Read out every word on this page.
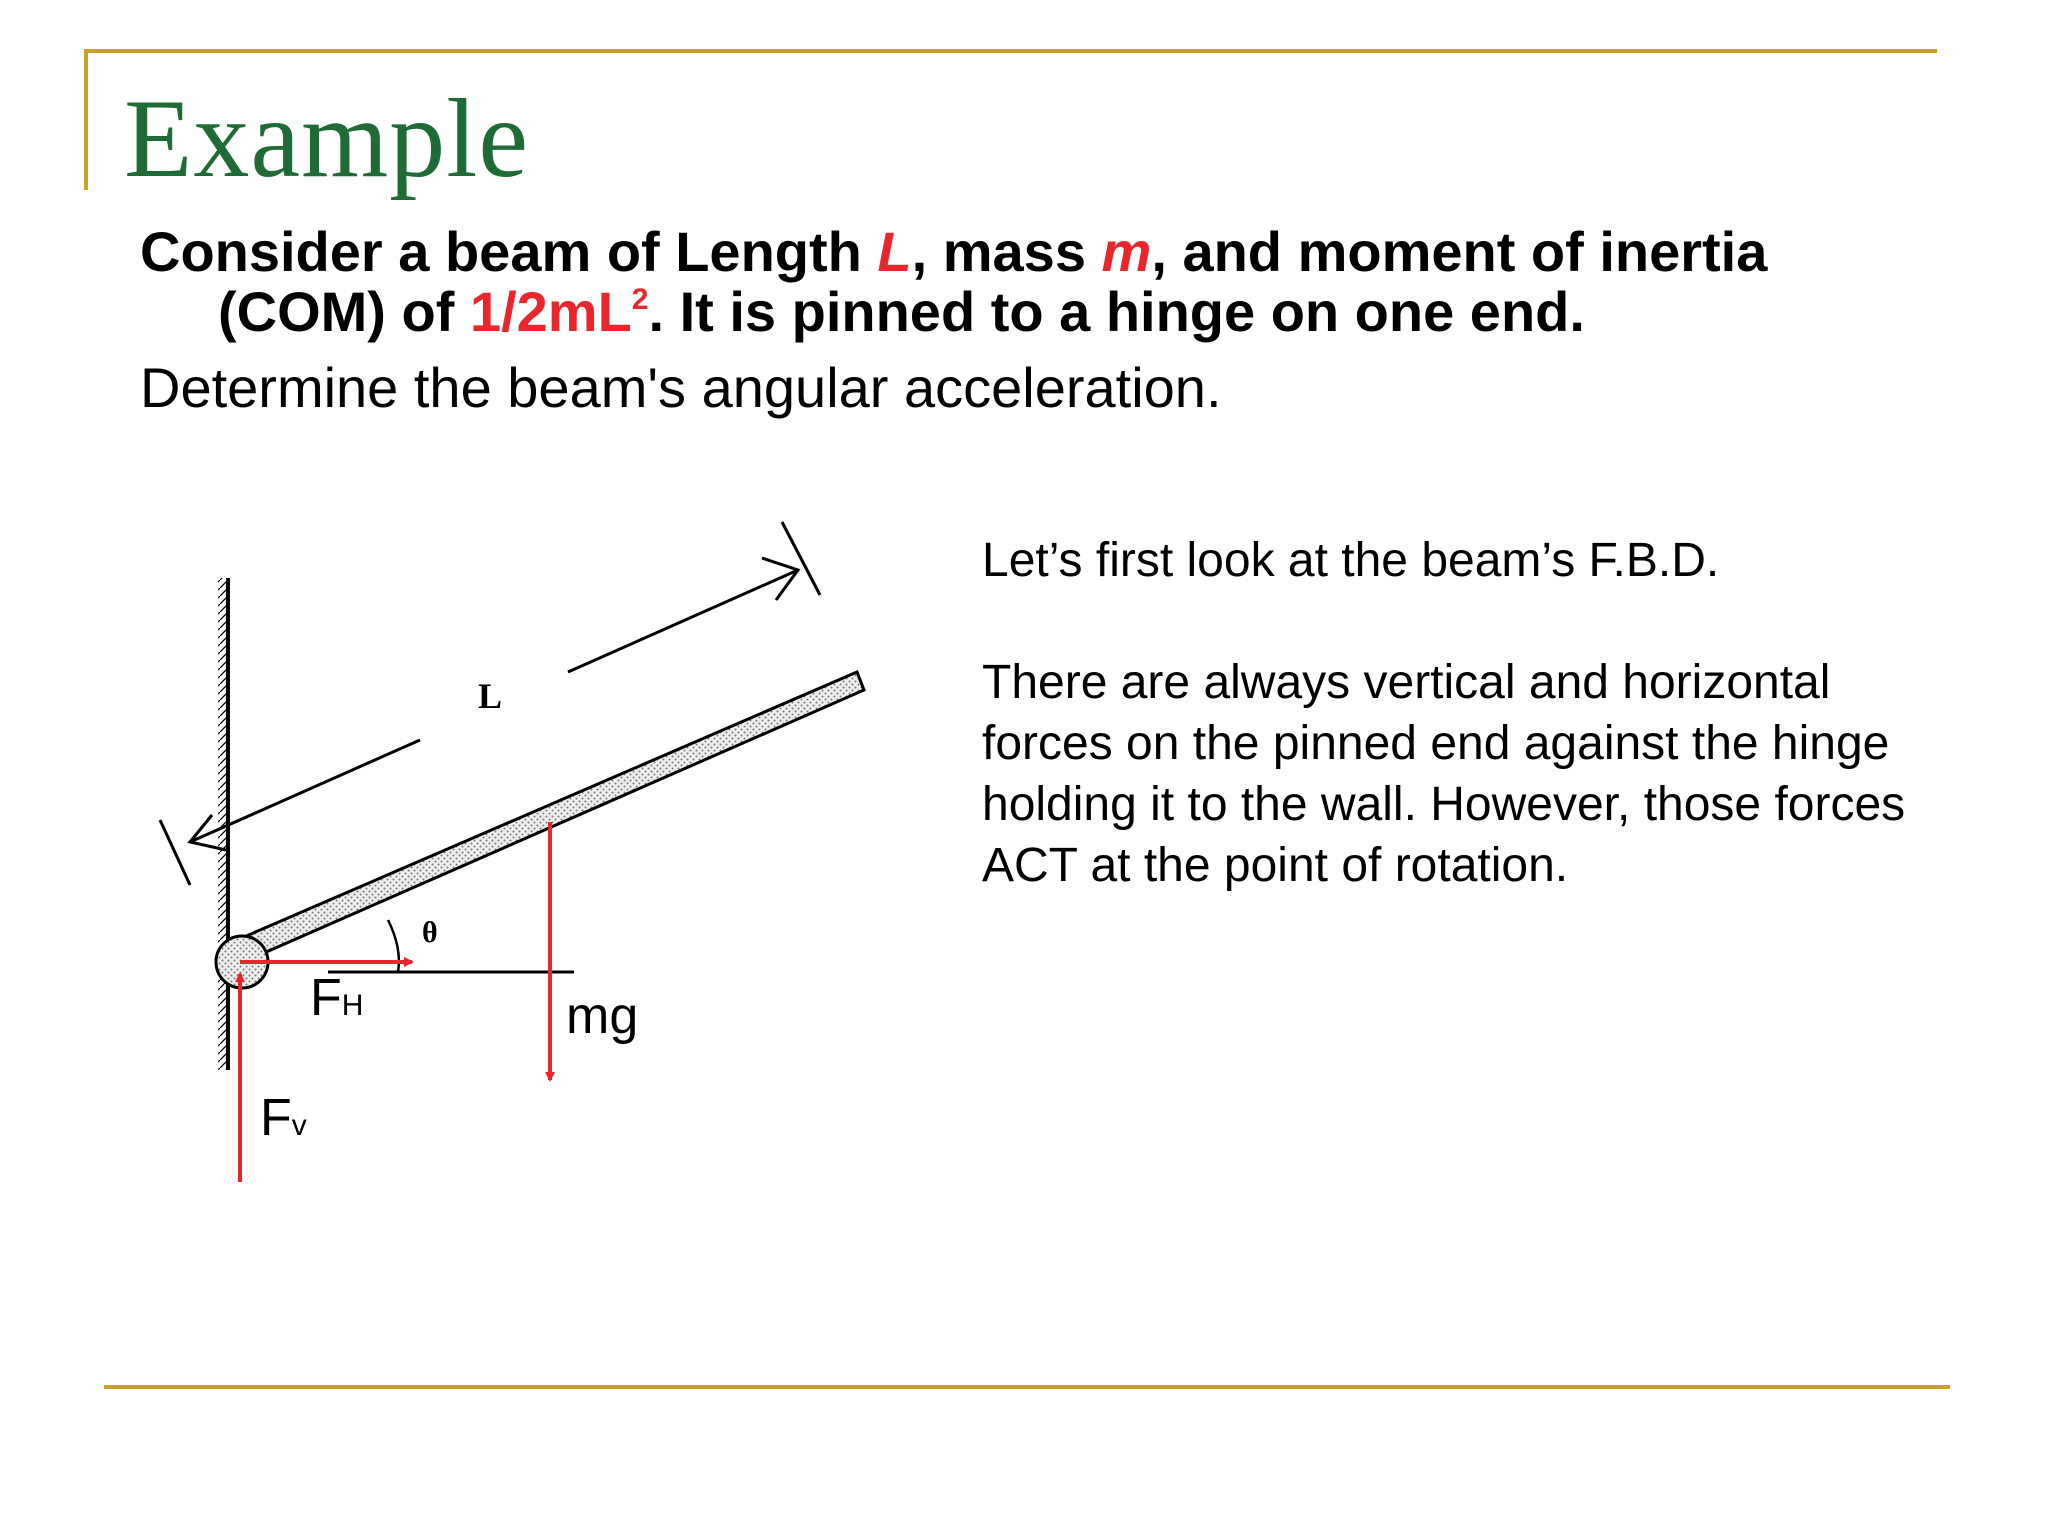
Example
Consider a beam of Length L, mass m, and moment of inertia
(COM) of $1/2mL^2$. It is pinned to a hinge on one end.
Determine the beam's angular acceleration.
L
θ
FH
Fv
mg

Let’s first look at the beam’s F.B.D.

There are always vertical and horizontal forces on the pinned end against the hinge holding it to the wall. However, those forces ACT at the point of rotation.
